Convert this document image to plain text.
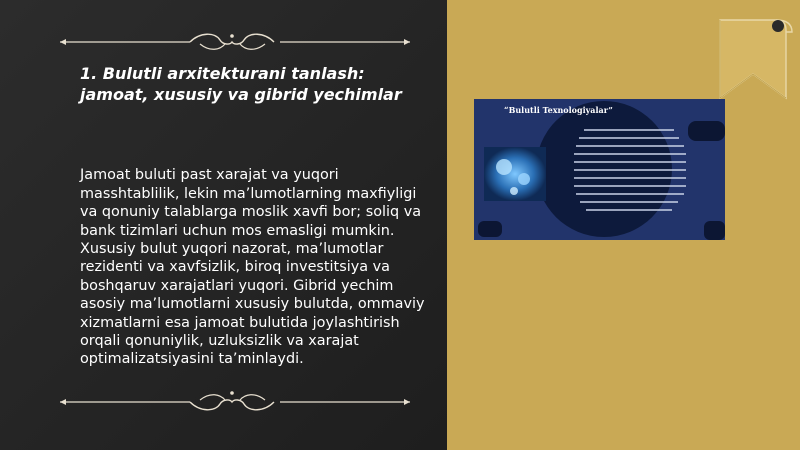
1. Bulutli arxitekturani tanlash: jamoat, xususiy va gibrid yechimlar

Jamoat buluti past xarajat va yuqori masshtablilik, lekin ma’lumotlarning maxfiyligi va qonuniy talablarga moslik xavfi bor; soliq va bank tizimlari uchun mos emasligi mumkin. Xususiy bulut yuqori nazorat, ma’lumotlar rezidenti va xavfsizlik, biroq investitsiya va boshqaruv xarajatlari yuqori. Gibrid yechim asosiy ma’lumotlarni xususiy bulutda, ommaviy xizmatlarni esa jamoat bulutida joylashtirish orqali qonuniylik, uzluksizlik va xarajat optimalizatsiyasini ta’minlaydi.

“Bulutli Texnologiyalar”
